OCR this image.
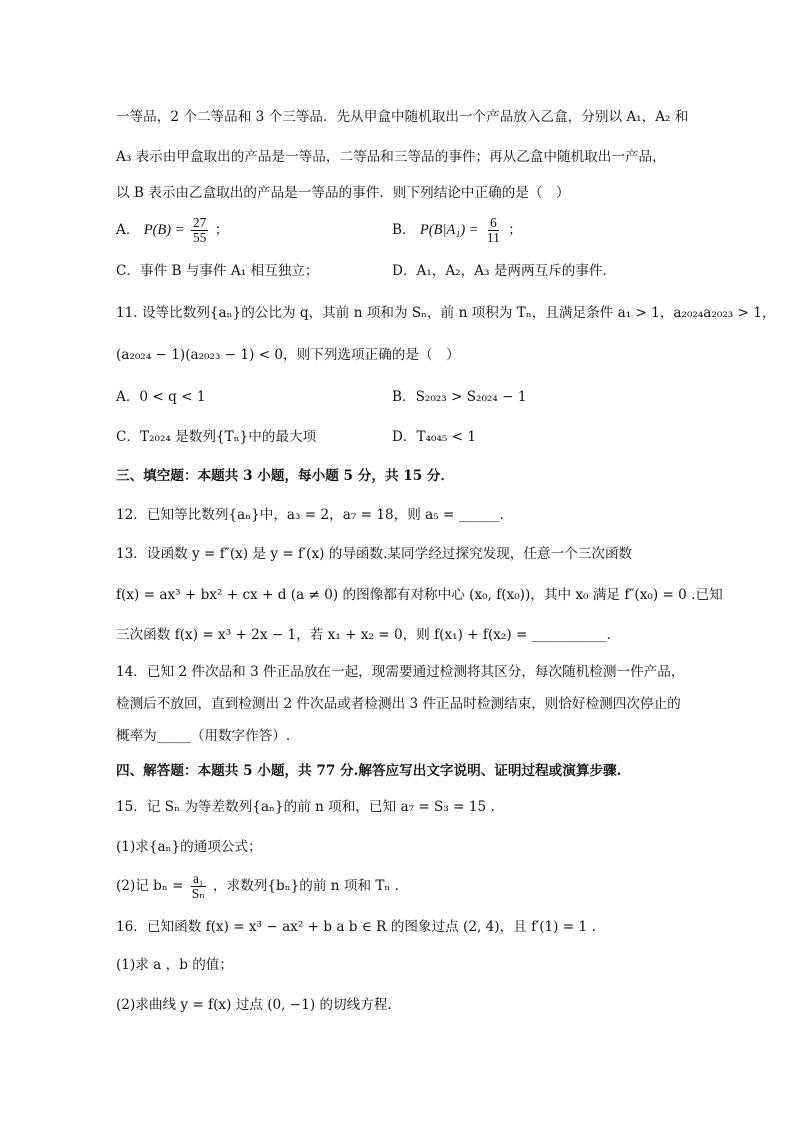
一等品，2 个二等品和 3 个三等品．先从甲盒中随机取出一个产品放入乙盒，分别以 A₁，A₂ 和
A₃ 表示由甲盒取出的产品是一等品，二等品和三等品的事件；再从乙盒中随机取出一产品，
以 B 表示由乙盒取出的产品是一等品的事件．则下列结论中正确的是（　）
A． $P(B) = \frac{27}{55}$ ；	B． $P(B|A_1) = \frac{6}{11}$ ；
C．事件 B 与事件 A₁ 相互独立；	D．A₁，A₂，A₃ 是两两互斥的事件．
11. 设等比数列{aₙ}的公比为 q，其前 n 项和为 Sₙ，前 n 项积为 Tₙ，且满足条件 a₁ > 1，a₂₀₂₄a₂₀₂₃ > 1，
(a₂₀₂₄ − 1)(a₂₀₂₃ − 1) < 0，则下列选项正确的是（　）
A．0 < q < 1	B．S₂₀₂₃ > S₂₀₂₄ − 1
C．T₂₀₂₄ 是数列{Tₙ}中的最大项	D．T₄₀₄₅ < 1
三、填空题：本题共 3 小题，每小题 5 分，共 15 分．
12．已知等比数列{aₙ}中，a₃ = 2，a₇ = 18，则 a₅ = ______．
13．设函数 y = f″(x) 是 y = f′(x) 的导函数.某同学经过探究发现，任意一个三次函数
f(x) = ax³ + bx² + cx + d (a ≠ 0) 的图像都有对称中心 (x₀, f(x₀))，其中 x₀ 满足 f″(x₀) = 0 .已知
三次函数 f(x) = x³ + 2x − 1，若 x₁ + x₂ = 0，则 f(x₁) + f(x₂) = ___________.
14．已知 2 件次品和 3 件正品放在一起，现需要通过检测将其区分，每次随机检测一件产品，
检测后不放回，直到检测出 2 件次品或者检测出 3 件正品时检测结束，则恰好检测四次停止的
概率为_____（用数字作答）.
四、解答题：本题共 5 小题，共 77 分.解答应写出文字说明、证明过程或演算步骤.
15．记 Sₙ 为等差数列{aₙ}的前 n 项和，已知 a₇ = S₃ = 15 .
(1)求{aₙ}的通项公式；
(2)记 $b_n = \frac{\text{a₁}}{\text{Sₙ}}$ ，求数列{bₙ}的前 n 项和 Tₙ .
16．已知函数 f(x) = x³ − ax² + b a b ∈ R 的图象过点 (2, 4)，且 f′(1) = 1 .
(1)求 a ，b 的值；
(2)求曲线 y = f(x) 过点 (0, −1) 的切线方程.
